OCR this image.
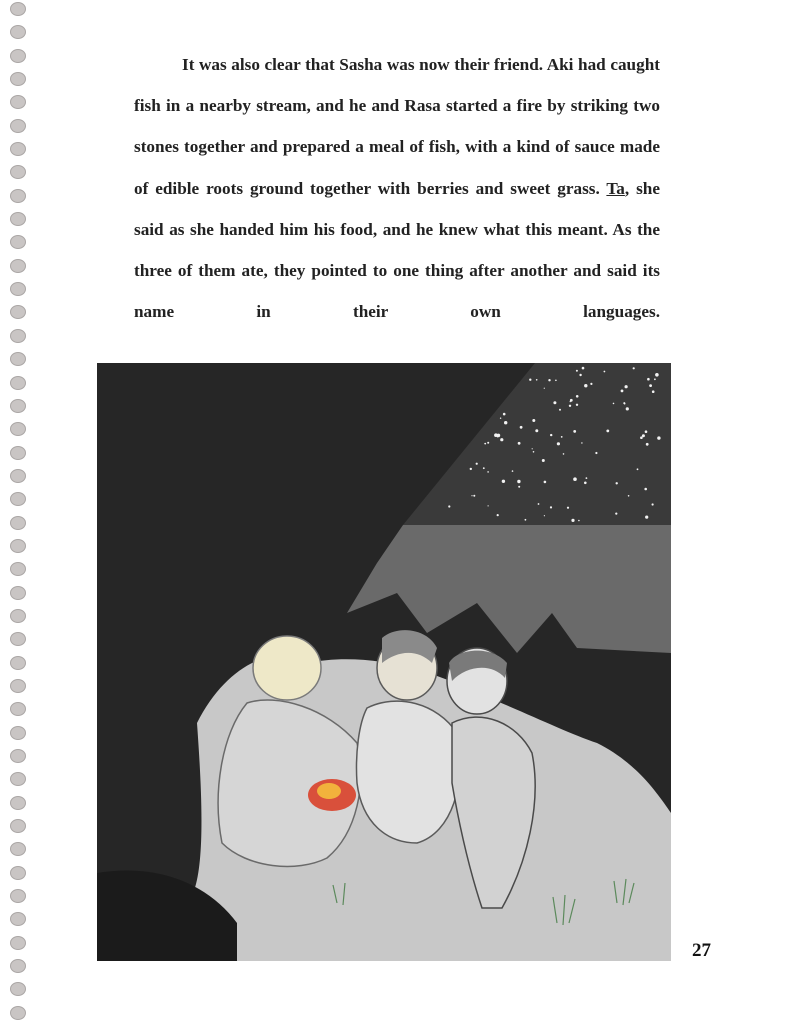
It was also clear that Sasha was now their friend. Aki had caught fish in a nearby stream, and he and Rasa started a fire by striking two stones together and prepared a meal of fish, with a kind of sauce made of edible roots ground together with berries and sweet grass. Ta, she said as she handed him his food, and he knew what this meant. As the three of them ate, they pointed to one thing after another and said its name in their own languages.

27
